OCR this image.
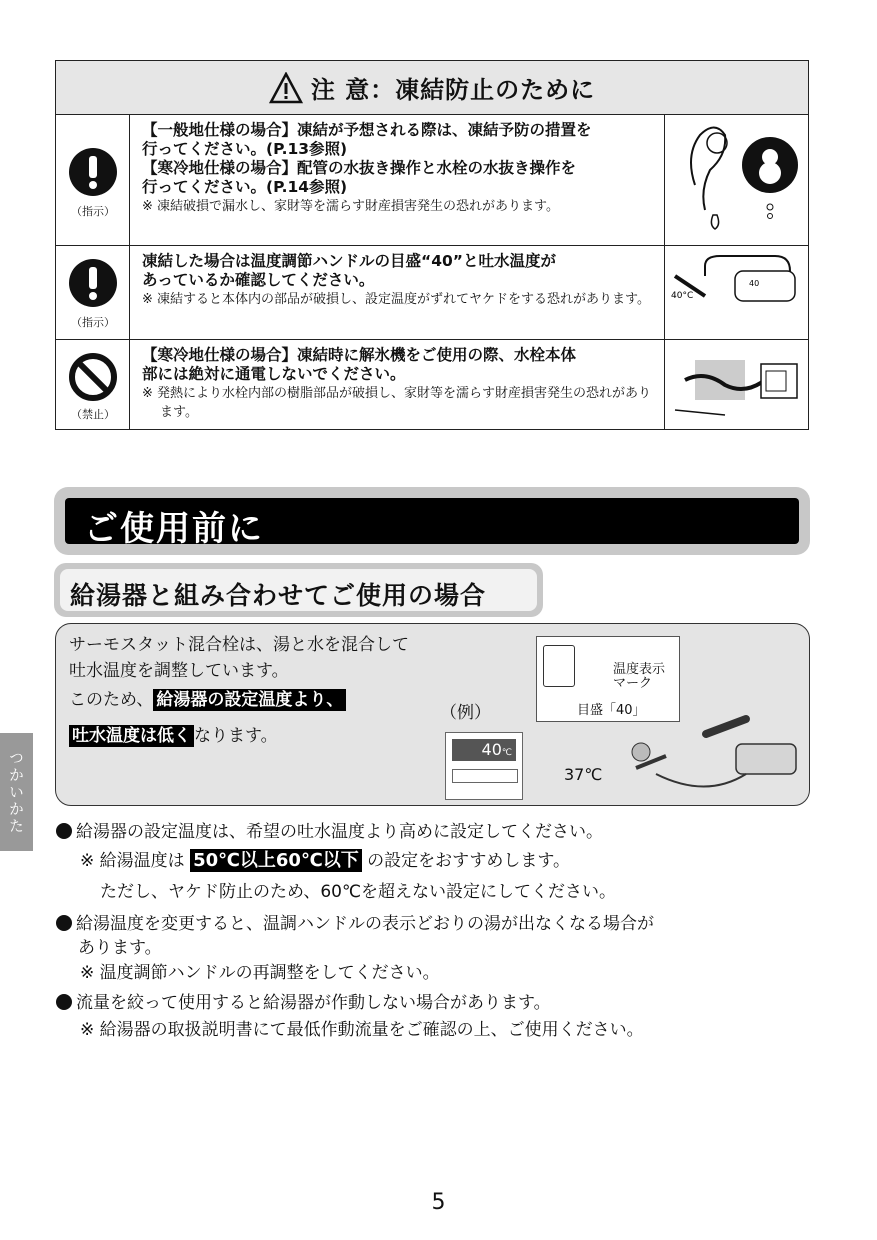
注 意：凍結防止のために
（指示）

【一般地仕様の場合】凍結が予想される際は、凍結予防の措置を

行ってください。(P.13参照)

【寒冷地仕様の場合】配管の水抜き操作と水栓の水抜き操作を

行ってください。(P.14参照)

※ 凍結破損で漏水し、家財等を濡らす財産損害発生の恐れがあります。

（指示）

凍結した場合は温度調節ハンドルの目盛“40”と吐水温度が

あっているか確認してください。

※ 凍結すると本体内の部品が破損し、設定温度がずれてヤケドをする恐れがあります。	40°C
40
（禁止）

【寒冷地仕様の場合】凍結時に解氷機をご使用の際、水栓本体

部には絶対に通電しないでください。

※ 発熱により水栓内部の樹脂部品が破損し、家財等を濡らす財産損害発生の恐れがあります。

ご使用前に
給湯器と組み合わせてご使用の場合
サーモスタット混合栓は、湯と水を混合して
吐水温度を調整しています。
このため、 給湯器の設定温度より、
吐水温度は低く なります。
（例）
40℃
温度表示
マーク
目盛「40」
37℃
つかいかた	給湯器の設定温度は、希望の吐水温度より高めに設定してください。
※ 給湯温度は 50℃以上60℃以下 の設定をおすすめします。
ただし、ヤケド防止のため、60℃を超えない設定にしてください。
給湯温度を変更すると、温調ハンドルの表示どおりの湯が出なくなる場合が
あります。
※ 温度調節ハンドルの再調整をしてください。
流量を絞って使用すると給湯器が作動しない場合があります。
※ 給湯器の取扱説明書にて最低作動流量をご確認の上、ご使用ください。
5
